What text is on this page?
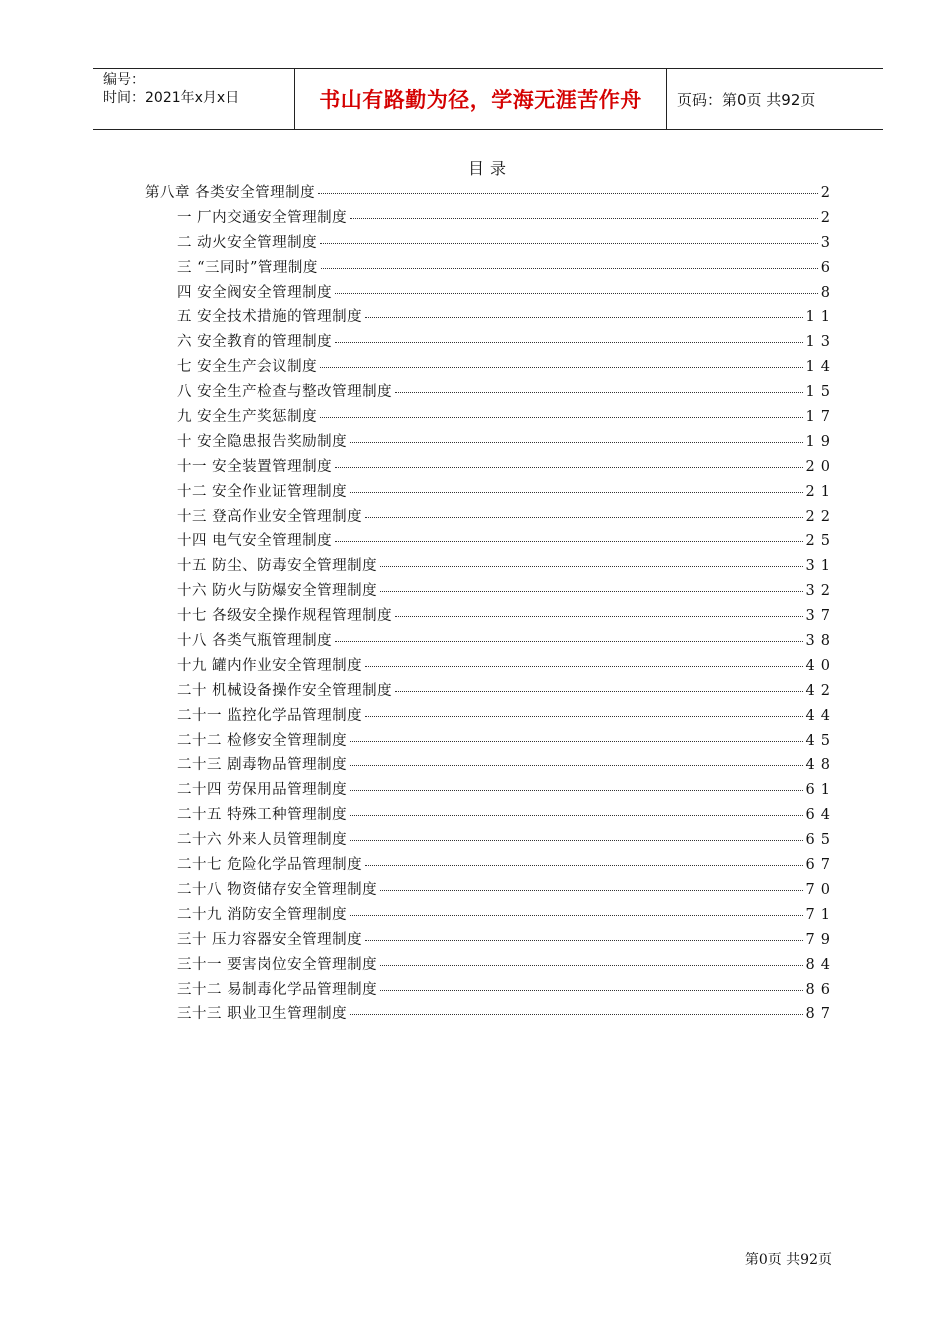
编号：
时间：2021年x月x日	书山有路勤为径，学海无涯苦作舟 页码：第0页 共92页
目录
第八章 各类安全管理制度	2
一 厂内交通安全管理制度	2
二 动火安全管理制度	3
三 “三同时”管理制度	6
四 安全阀安全管理制度	8
五 安全技术措施的管理制度	11
六 安全教育的管理制度	13
七 安全生产会议制度	14
八 安全生产检查与整改管理制度	15
九 安全生产奖惩制度	17
十 安全隐患报告奖励制度	19
十一 安全装置管理制度	20
十二 安全作业证管理制度	21
十三 登高作业安全管理制度	22
十四 电气安全管理制度	25
十五 防尘、防毒安全管理制度	31
十六 防火与防爆安全管理制度	32
十七 各级安全操作规程管理制度	37
十八 各类气瓶管理制度	38
十九 罐内作业安全管理制度	40
二十 机械设备操作安全管理制度	42
二十一 监控化学品管理制度	44
二十二 检修安全管理制度	45
二十三 剧毒物品管理制度	48
二十四 劳保用品管理制度	61
二十五 特殊工种管理制度	64
二十六 外来人员管理制度	65
二十七 危险化学品管理制度	67
二十八 物资储存安全管理制度	70
二十九 消防安全管理制度	71
三十 压力容器安全管理制度	79
三十一 要害岗位安全管理制度	84
三十二 易制毒化学品管理制度	86
三十三 职业卫生管理制度	87
第0页 共92页
